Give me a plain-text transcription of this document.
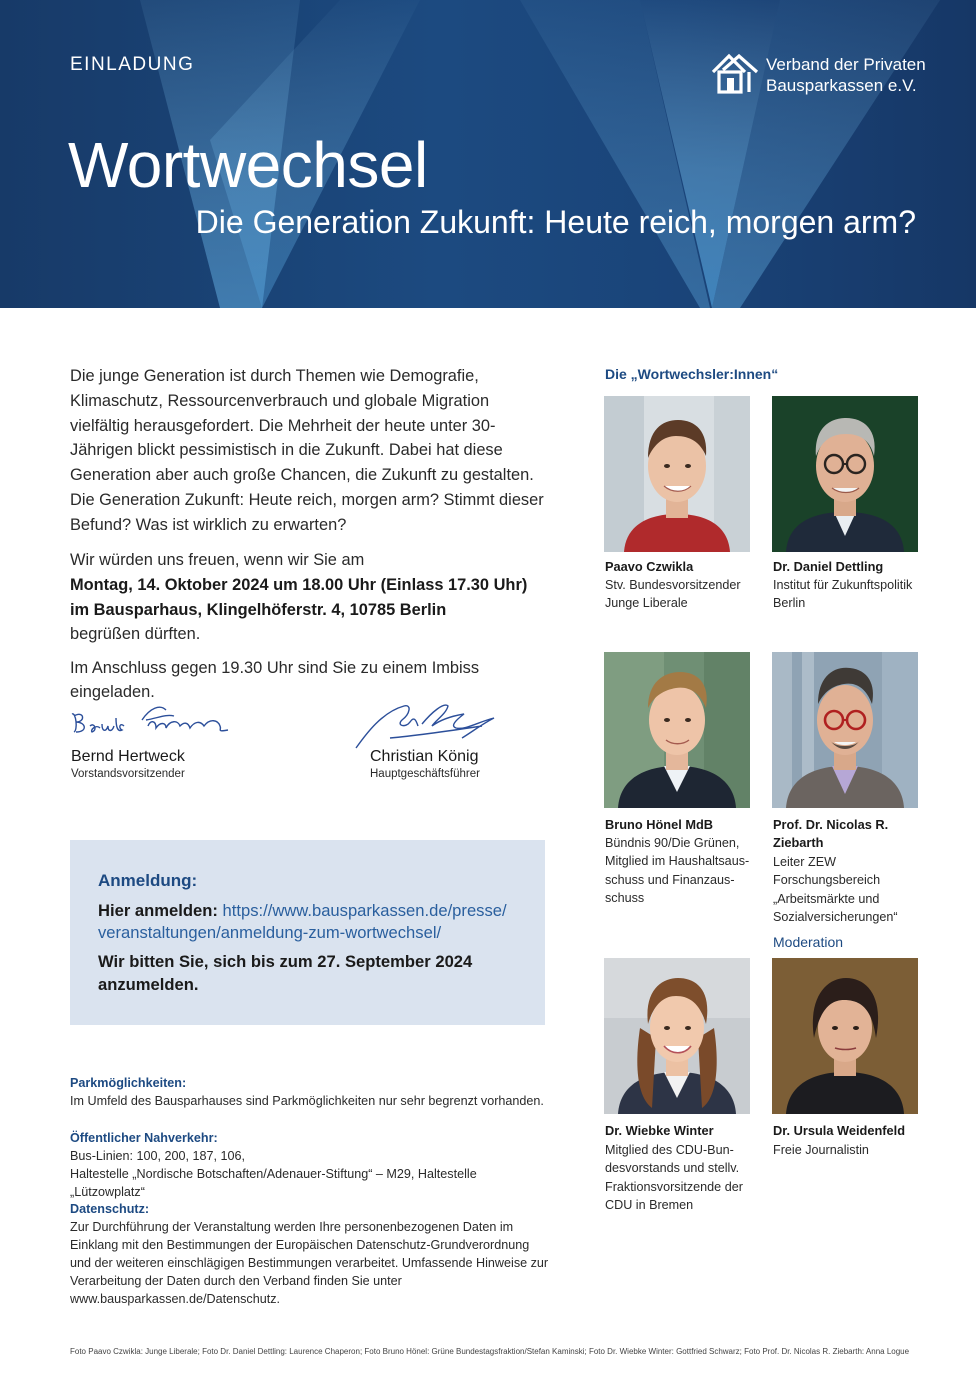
EINLADUNG	Verband der Privaten
Bausparkassen e.V.
Wortwechsel
Die Generation Zukunft: Heute reich, morgen arm?

Die junge Generation ist durch Themen wie Demografie, Klimaschutz, Ressourcenverbrauch und globale Migration vielfältig herausgefordert. Die Mehrheit der heute unter 30-Jährigen blickt pessimistisch in die Zukunft. Dabei hat diese Generation aber auch große Chancen, die Zukunft zu gestalten. Die Generation Zukunft: Heute reich, morgen arm? Stimmt dieser Befund? Was ist wirklich zu erwarten?

Wir würden uns freuen, wenn wir Sie am
Montag, 14. Oktober 2024 um 18.00 Uhr (Einlass 17.30 Uhr)
im Bausparhaus, Klingelhöferstr. 4, 10785 Berlin
begrüßen dürften.

Im Anschluss gegen 19.30 Uhr sind Sie zu einem Imbiss eingeladen.

Bernd Hertweck
Vorstandsvorsitzender
Christian König
Hauptgeschäftsführer
Anmeldung:
Hier anmelden: https://www.bausparkassen.de/presse/
veranstaltungen/anmeldung-zum-wortwechsel/
Wir bitten Sie, sich bis zum 27. September 2024 anzumelden.
Parkmöglichkeiten:
Im Umfeld des Bausparhauses sind Parkmöglichkeiten nur sehr begrenzt vorhanden.
Öffentlicher Nahverkehr:
Bus-Linien: 100, 200, 187, 106,
Haltestelle „Nordische Botschaften/Adenauer-Stiftung“ – M29, Haltestelle „Lützowplatz“
Datenschutz:
Zur Durchführung der Veranstaltung werden Ihre personenbezogenen Daten im Einklang mit den Bestimmungen der Europäischen Datenschutz-Grundverordnung und der weiteren einschlägigen Bestimmungen verarbeitet. Umfassende Hinweise zur Verarbeitung der Daten durch den Verband finden Sie unter www.bausparkassen.de/Datenschutz.
Foto Paavo Czwikla: Junge Liberale; Foto Dr. Daniel Dettling: Laurence Chaperon; Foto Bruno Hönel: Grüne Bundestagsfraktion/Stefan Kaminski; Foto Dr. Wiebke Winter: Gottfried Schwarz; Foto Prof. Dr. Nicolas R. Ziebarth: Anna Logue
Die „Wortwechsler:Innen“
Paavo Czwikla
Stv. Bundesvorsitzender Junge Liberale
Dr. Daniel Dettling
Institut für Zukunftspolitik Berlin
Bruno Hönel MdB
Bündnis 90/Die Grünen, Mitglied im Haushaltsausschuss und Finanzausschuss
Prof. Dr. Nicolas R. Ziebarth
Leiter ZEW Forschungsbereich „Arbeitsmärkte und Sozialversicherungen“
Moderation
Dr. Wiebke Winter
Mitglied des CDU-Bundesvorstands und stellv. Fraktionsvorsitzende der CDU in Bremen
Dr. Ursula Weidenfeld
Freie Journalistin
